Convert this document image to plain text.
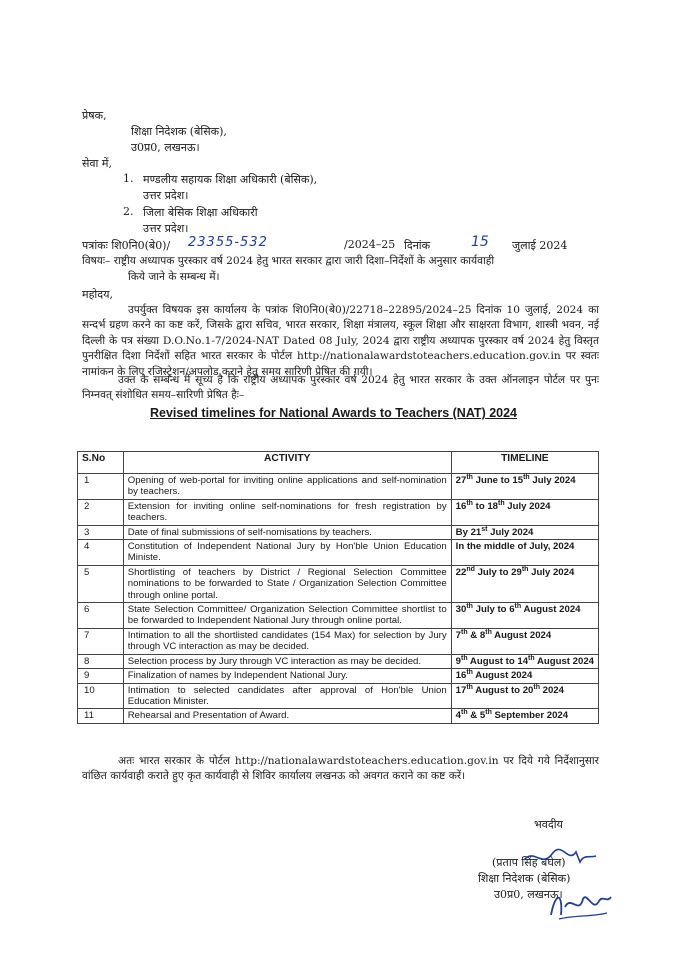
प्रेषक,
शिक्षा निदेशक (बेसिक),
उ0प्र0, लखनऊ।
सेवा में,
1. मण्डलीय सहायक शिक्षा अधिकारी (बेसिक),
उत्तर प्रदेश।
2. जिला बेसिक शिक्षा अधिकारी
उत्तर प्रदेश।
पत्रांकः शि0नि0(बे0)/ 23355-532	/2024–25 दिनांक	15 जुलाई 2024
विषयः– राष्ट्रीय अध्यापक पुरस्कार वर्ष 2024 हेतु भारत सरकार द्वारा जारी दिशा–निर्देशों के अनुसार कार्यवाही
किये जाने के सम्बन्ध में।
महोदय,
उपर्युक्त विषयक इस कार्यालय के पत्रांक शि0नि0(बे0)/22718–22895/2024–25 दिनांक 10 जुलाई, 2024 का सन्दर्भ ग्रहण करने का कष्ट करें, जिसके द्वारा सचिव, भारत सरकार, शिक्षा मंत्रालय, स्कूल शिक्षा और साक्षरता विभाग, शास्त्री भवन, नई दिल्ली के पत्र संख्या D.O.No.1-7/2024-NAT Dated 08 July, 2024 द्वारा राष्ट्रीय अध्यापक पुरस्कार वर्ष 2024 हेतु विस्तृत पुनरीक्षित दिशा निर्देशों सहित भारत सरकार के पोर्टल http://nationalawardstoteachers.education.gov.in पर स्वतः नामांकन के लिए रजिस्ट्रेशन/अपलोड कराने हेतु समय सारिणी प्रेषित की गयी।
उक्त के सम्बन्ध में सूच्य है कि राष्ट्रीय अध्यापक पुरस्कार वर्ष 2024 हेतु भारत सरकार के उक्त ऑनलाइन पोर्टल पर पुनः निम्नवत् संशोधित समय–सारिणी प्रेषित हैः–
Revised timelines for National Awards to Teachers (NAT) 2024
S.No	ACTIVITY	TIMELINE
1	Opening of web-portal for inviting online applications and self-nomination by teachers.	27th June to 15th July 2024
2	Extension for inviting online self-nominations for fresh registration by teachers.	16th to 18th July 2024
3	Date of final submissions of self-nomisations by teachers.	By 21st July 2024
4	Constitution of Independent National Jury by Hon'ble Union Education Ministe.	In the middle of July, 2024
5	Shortlisting of teachers by District / Regional Selection Committee nominations to be forwarded to State / Organization Selection Committee through online portal.	22nd July to 29th July 2024
6	State Selection Committee/ Organization Selection Committee shortlist to be forwarded to Independent National Jury through online portal.	30th July to 6th August 2024
7	Intimation to all the shortlisted candidates (154 Max) for selection by Jury through VC interaction as may be decided.	7th & 8th August 2024
8	Selection process by Jury through VC interaction as may be decided.	9th August to 14th August 2024
9	Finalization of names by Independent National Jury.	16th August 2024
10	Intimation to selected candidates after approval of Hon'ble Union Education Minister.	17th August to 20th 2024
11	Rehearsal and Presentation of Award.	4th & 5th September 2024
अतः भारत सरकार के पोर्टल http://nationalawardstoteachers.education.gov.in पर दिये गये निर्देशानुसार वांछित कार्यवाही कराते हुए कृत कार्यवाही से शिविर कार्यालय लखनऊ को अवगत कराने का कष्ट करें।
भवदीय
(प्रताप सिंह बघेल)
शिक्षा निदेशक (बेसिक)
उ0प्र0, लखनऊ।
